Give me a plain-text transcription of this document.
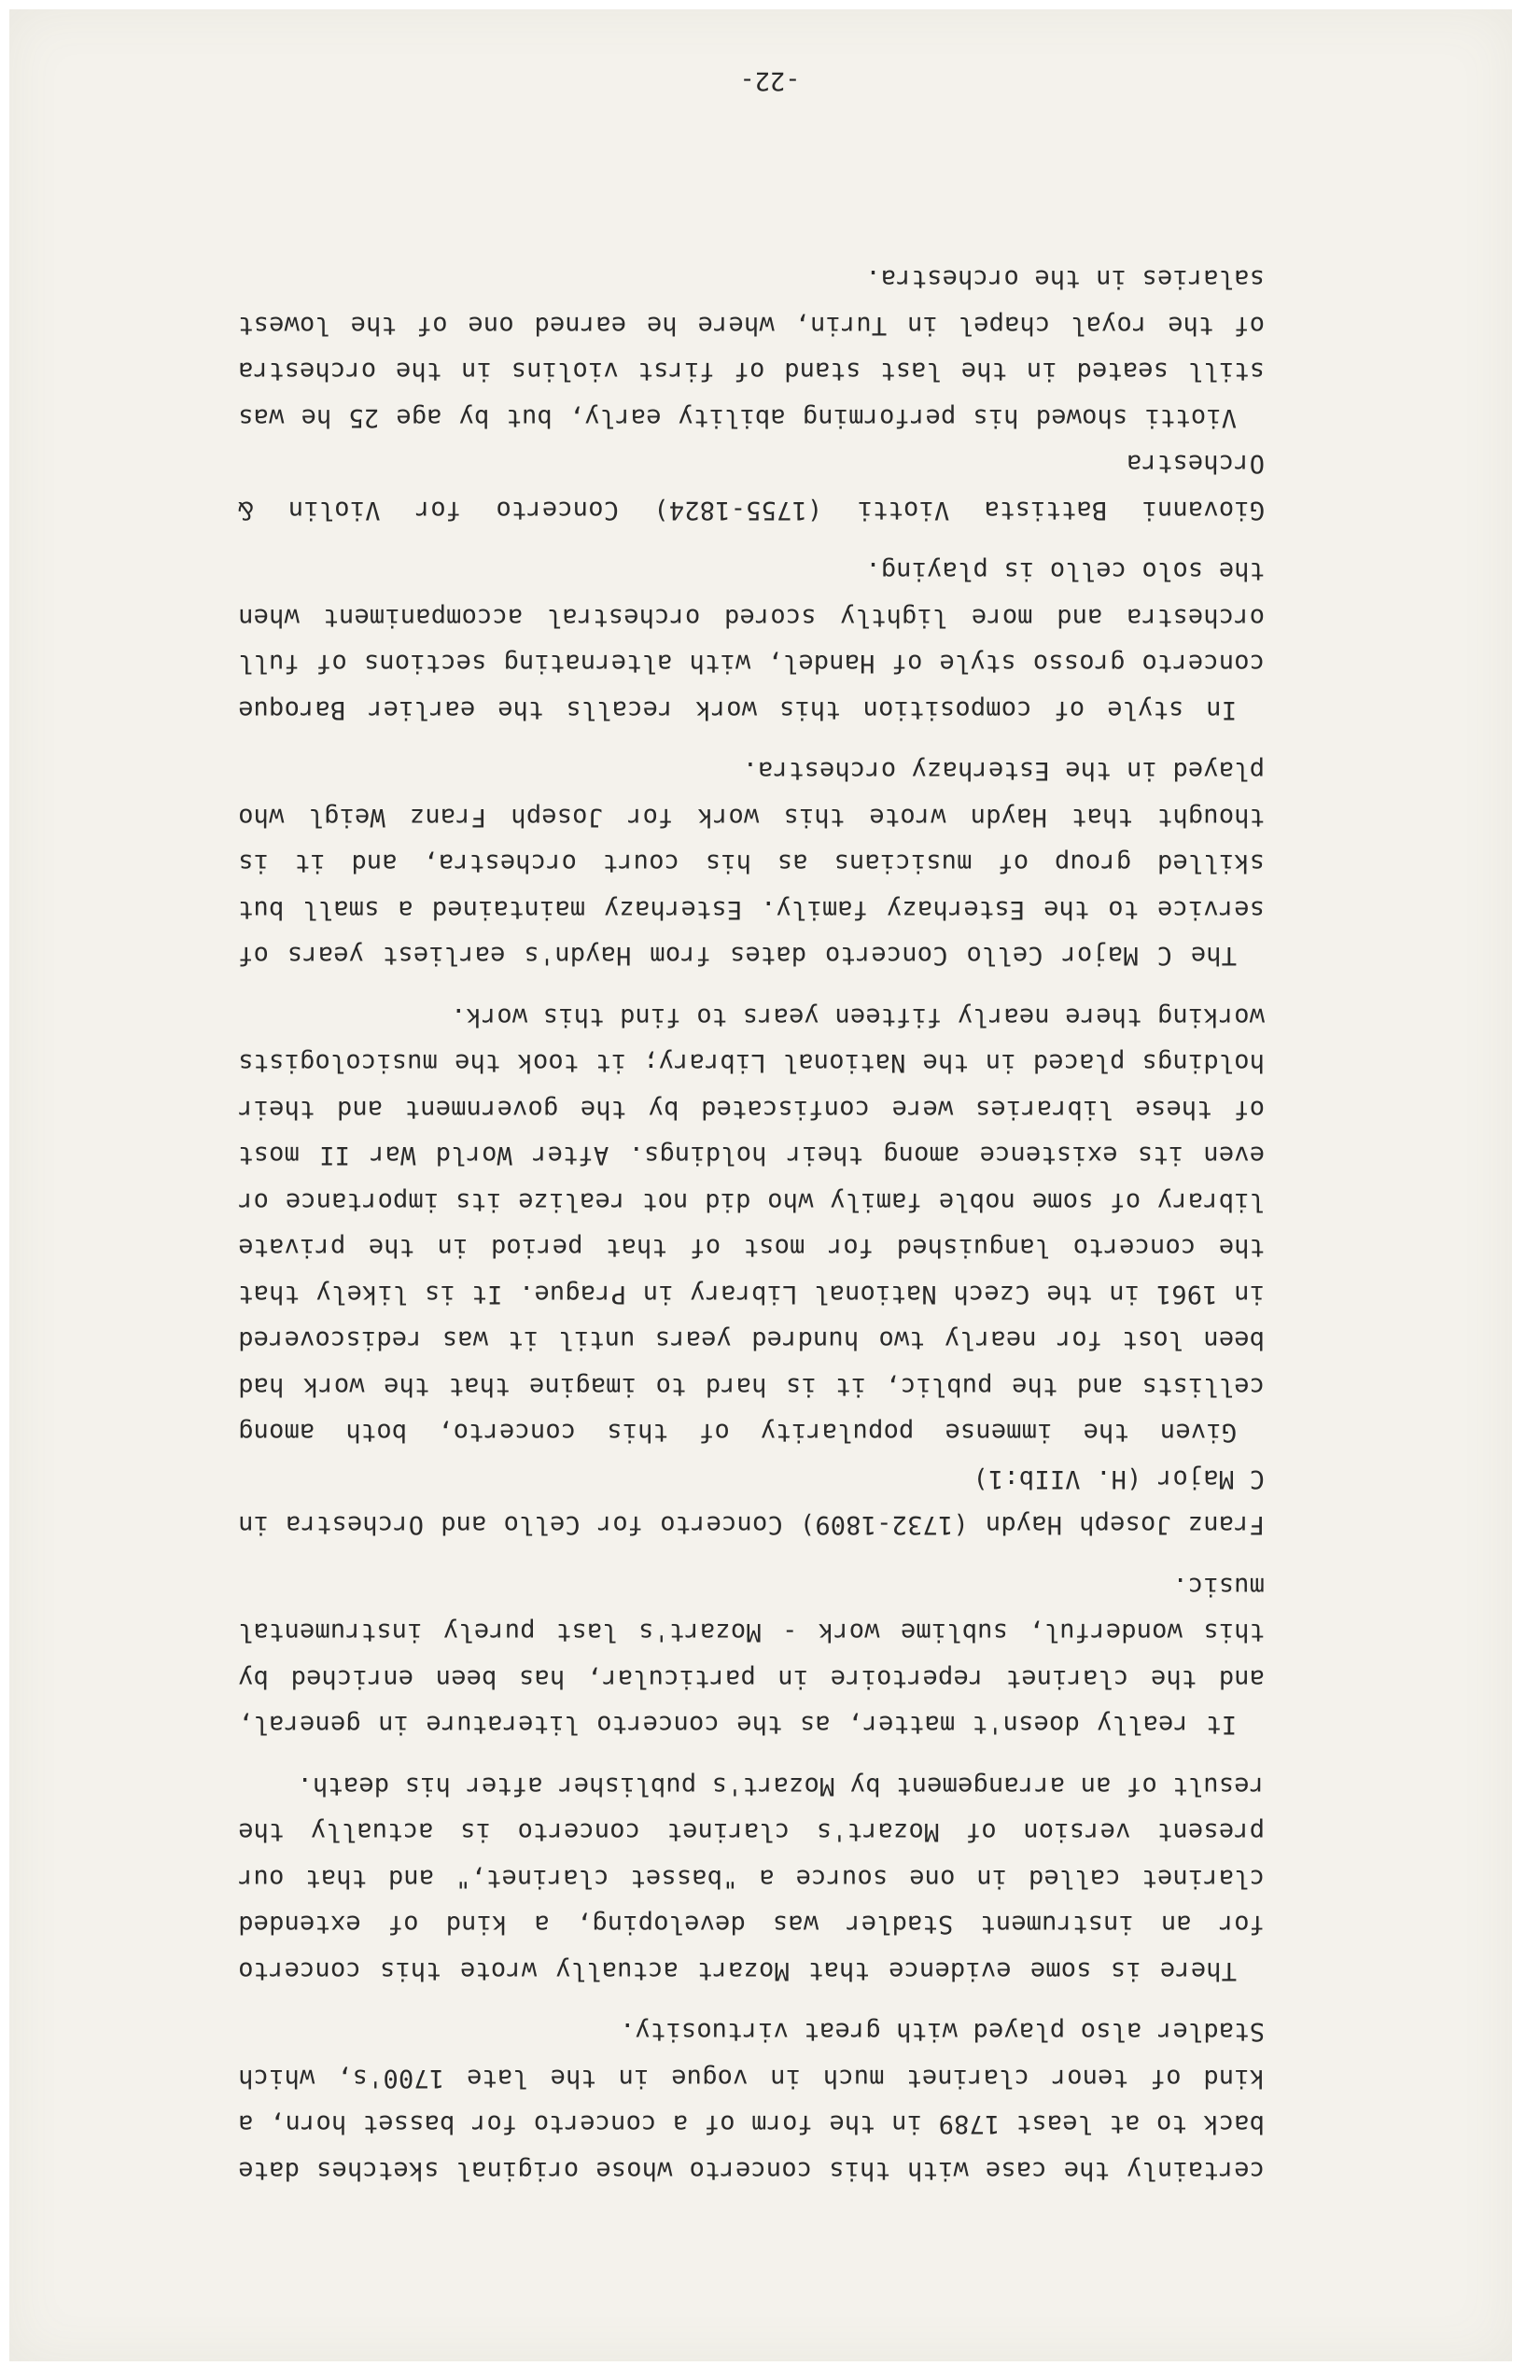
certainly the case with this concerto whose original sketches date back to at least 1789 in the form of a concerto for basset horn, a kind of tenor clarinet much in vogue in the late 1700's, which Stadler also played with great virtuosity.

There is some evidence that Mozart actually wrote this concerto for an instrument Stadler was developing, a kind of extended clarinet called in one source a "basset clarinet," and that our present version of Mozart's clarinet concerto is actually the result of an arrangement by Mozart's publisher after his death.

It really doesn't matter, as the concerto literature in general, and the clarinet repertoire in particular, has been enriched by this wonderful, sublime work - Mozart's last purely instrumental music.

Franz Joseph Haydn (1732-1809) Concerto for Cello and Orchestra in C Major (H. VIIb:1)

Given the immense popularity of this concerto, both among cellists and the public, it is hard to imagine that the work had been lost for nearly two hundred years until it was rediscovered in 1961 in the Czech National Library in Prague. It is likely that the concerto languished for most of that period in the private library of some noble family who did not realize its importance or even its existence among their holdings. After World War II most of these libraries were confiscated by the government and their holdings placed in the National Library; it took the musicologists working there nearly fifteen years to find this work.

The C Major Cello Concerto dates from Haydn's earliest years of service to the Esterhazy family. Esterhazy maintained a small but skilled group of musicians as his court orchestra, and it is thought that Haydn wrote this work for Joseph Franz Weigl who played in the Esterhazy orchestra.

In style of composition this work recalls the earlier Baroque concerto grosso style of Handel, with alternating sections of full orchestra and more lightly scored orchestral accompaniment when the solo cello is playing.

Giovanni Battista Viotti (1755-1824) Concerto for Violin & Orchestra

Viotti showed his performing ability early, but by age 25 he was still seated in the last stand of first violins in the orchestra of the royal chapel in Turin, where he earned one of the lowest salaries in the orchestra.

-22-
